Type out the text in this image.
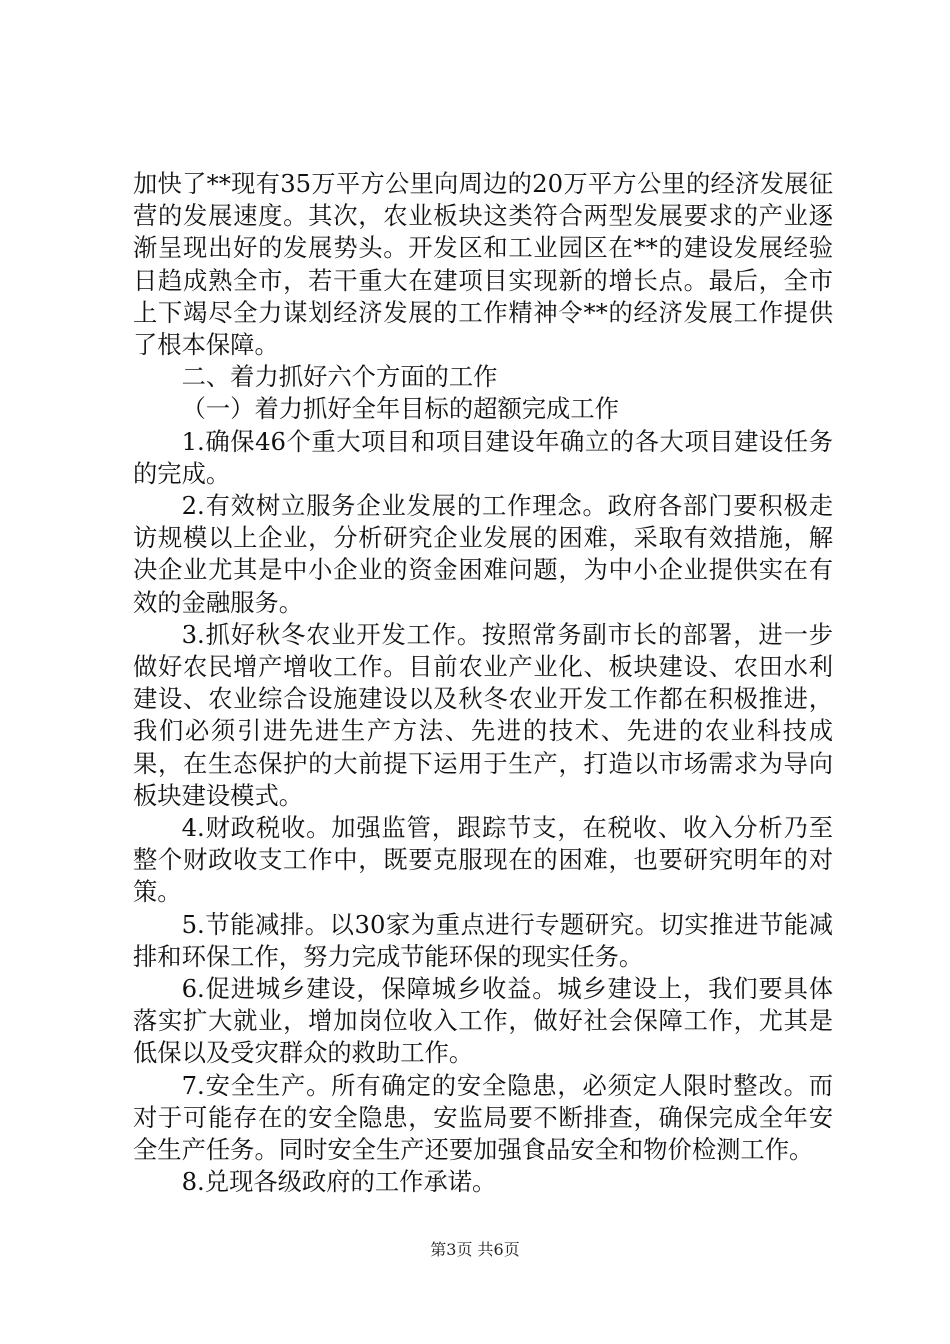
加快了**现有35万平方公里向周边的20万平方公里的经济发展征营的发展速度。其次，农业板块这类符合两型发展要求的产业逐渐呈现出好的发展势头。开发区和工业园区在**的建设发展经验日趋成熟全市，若干重大在建项目实现新的增长点。最后，全市上下竭尽全力谋划经济发展的工作精神令**的经济发展工作提供了根本保障。

二、着力抓好六个方面的工作

（一）着力抓好全年目标的超额完成工作

1.确保46个重大项目和项目建设年确立的各大项目建设任务的完成。

2.有效树立服务企业发展的工作理念。政府各部门要积极走访规模以上企业，分析研究企业发展的困难，采取有效措施，解决企业尤其是中小企业的资金困难问题，为中小企业提供实在有效的金融服务。

3.抓好秋冬农业开发工作。按照常务副市长的部署，进一步做好农民增产增收工作。目前农业产业化、板块建设、农田水利建设、农业综合设施建设以及秋冬农业开发工作都在积极推进，我们必须引进先进生产方法、先进的技术、先进的农业科技成果，在生态保护的大前提下运用于生产，打造以市场需求为导向板块建设模式。

4.财政税收。加强监管，跟踪节支，在税收、收入分析乃至整个财政收支工作中，既要克服现在的困难，也要研究明年的对策。

5.节能减排。以30家为重点进行专题研究。切实推进节能减排和环保工作，努力完成节能环保的现实任务。

6.促进城乡建设，保障城乡收益。城乡建设上，我们要具体落实扩大就业，增加岗位收入工作，做好社会保障工作，尤其是低保以及受灾群众的救助工作。

7.安全生产。所有确定的安全隐患，必须定人限时整改。而对于可能存在的安全隐患，安监局要不断排查，确保完成全年安全生产任务。同时安全生产还要加强食品安全和物价检测工作。

8.兑现各级政府的工作承诺。

第3页 共6页
